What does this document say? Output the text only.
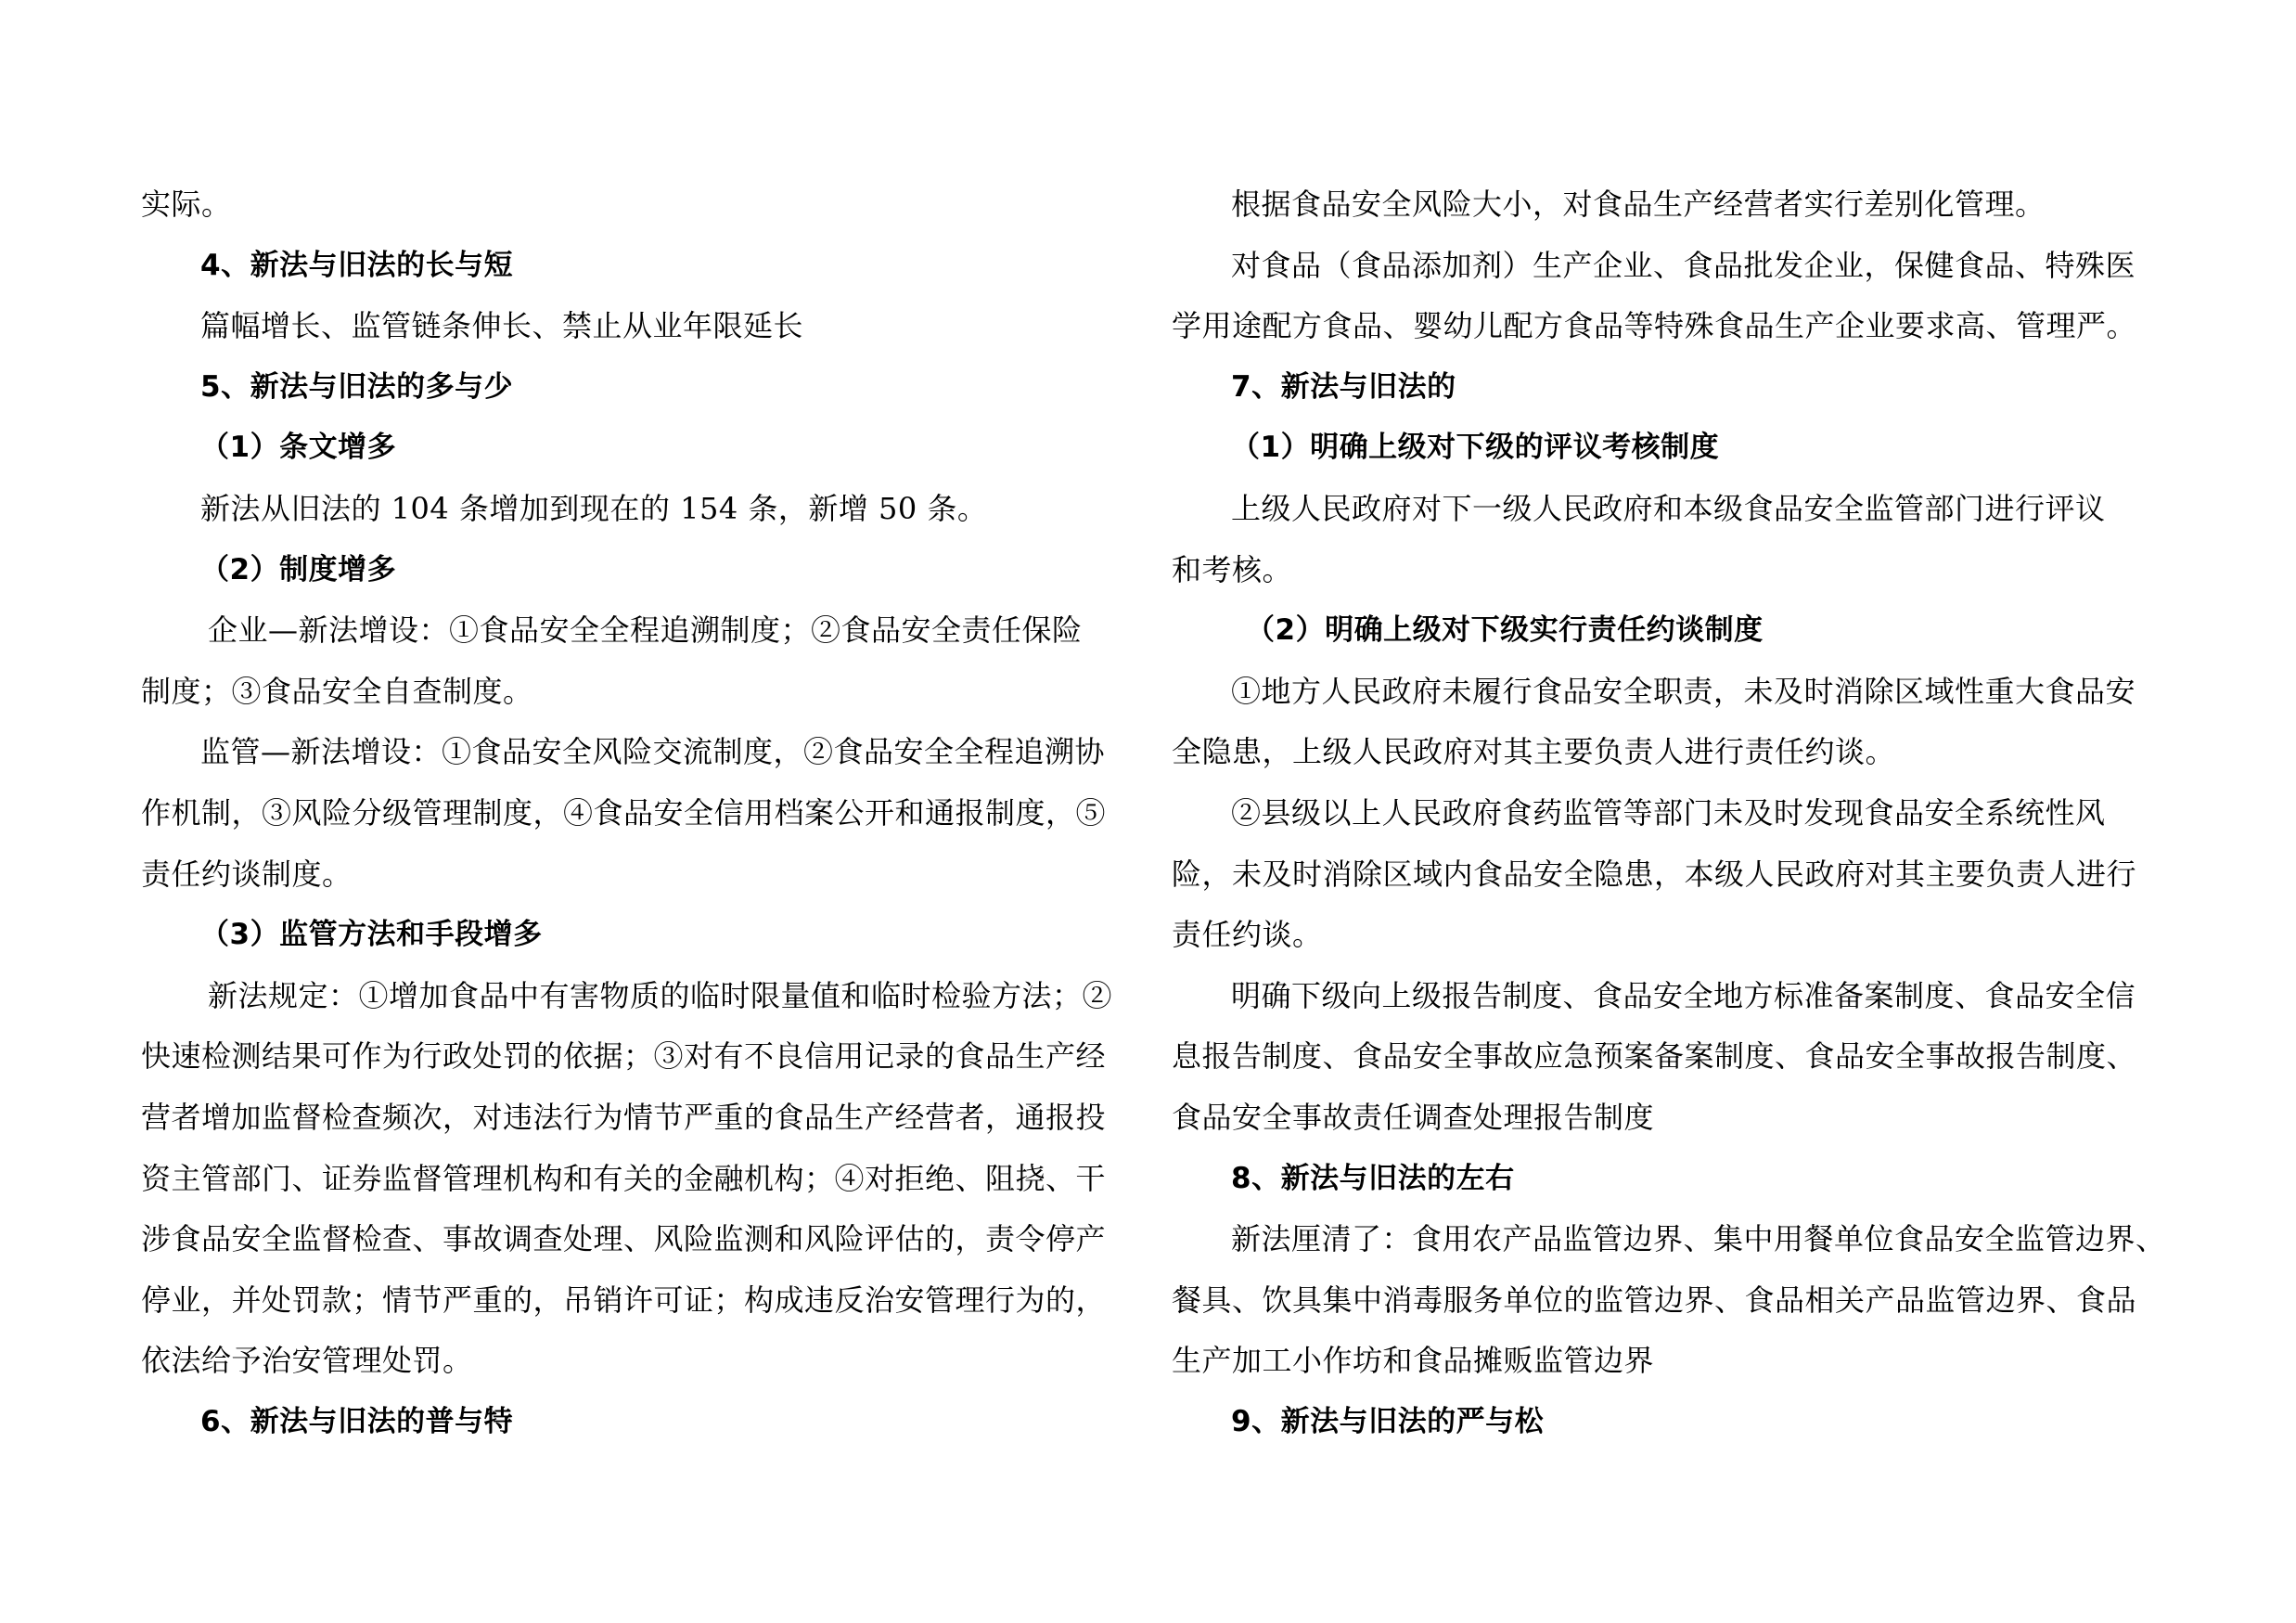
实际。
4、新法与旧法的长与短
篇幅增长、监管链条伸长、禁止从业年限延长
5、新法与旧法的多与少
（1）条文增多
新法从旧法的 104 条增加到现在的 154 条，新增 50 条。
（2）制度增多
企业—新法增设：①食品安全全程追溯制度；②食品安全责任保险
制度；③食品安全自查制度。
监管—新法增设：①食品安全风险交流制度，②食品安全全程追溯协
作机制，③风险分级管理制度，④食品安全信用档案公开和通报制度，⑤
责任约谈制度。
（3）监管方法和手段增多
新法规定：①增加食品中有害物质的临时限量值和临时检验方法；②
快速检测结果可作为行政处罚的依据；③对有不良信用记录的食品生产经
营者增加监督检查频次，对违法行为情节严重的食品生产经营者，通报投
资主管部门、证券监督管理机构和有关的金融机构；④对拒绝、阻挠、干
涉食品安全监督检查、事故调查处理、风险监测和风险评估的，责令停产
停业，并处罚款；情节严重的，吊销许可证；构成违反治安管理行为的，
依法给予治安管理处罚。
6、新法与旧法的普与特
根据食品安全风险大小，对食品生产经营者实行差别化管理。
对食品（食品添加剂）生产企业、食品批发企业，保健食品、特殊医
学用途配方食品、婴幼儿配方食品等特殊食品生产企业要求高、管理严。
7、新法与旧法的
（1）明确上级对下级的评议考核制度
上级人民政府对下一级人民政府和本级食品安全监管部门进行评议
和考核。
（2）明确上级对下级实行责任约谈制度
①地方人民政府未履行食品安全职责，未及时消除区域性重大食品安
全隐患，上级人民政府对其主要负责人进行责任约谈。
②县级以上人民政府食药监管等部门未及时发现食品安全系统性风
险，未及时消除区域内食品安全隐患，本级人民政府对其主要负责人进行
责任约谈。
明确下级向上级报告制度、食品安全地方标准备案制度、食品安全信
息报告制度、食品安全事故应急预案备案制度、食品安全事故报告制度、
食品安全事故责任调查处理报告制度
8、新法与旧法的左右
新法厘清了：食用农产品监管边界、集中用餐单位食品安全监管边界、
餐具、饮具集中消毒服务单位的监管边界、食品相关产品监管边界、食品
生产加工小作坊和食品摊贩监管边界
9、新法与旧法的严与松
